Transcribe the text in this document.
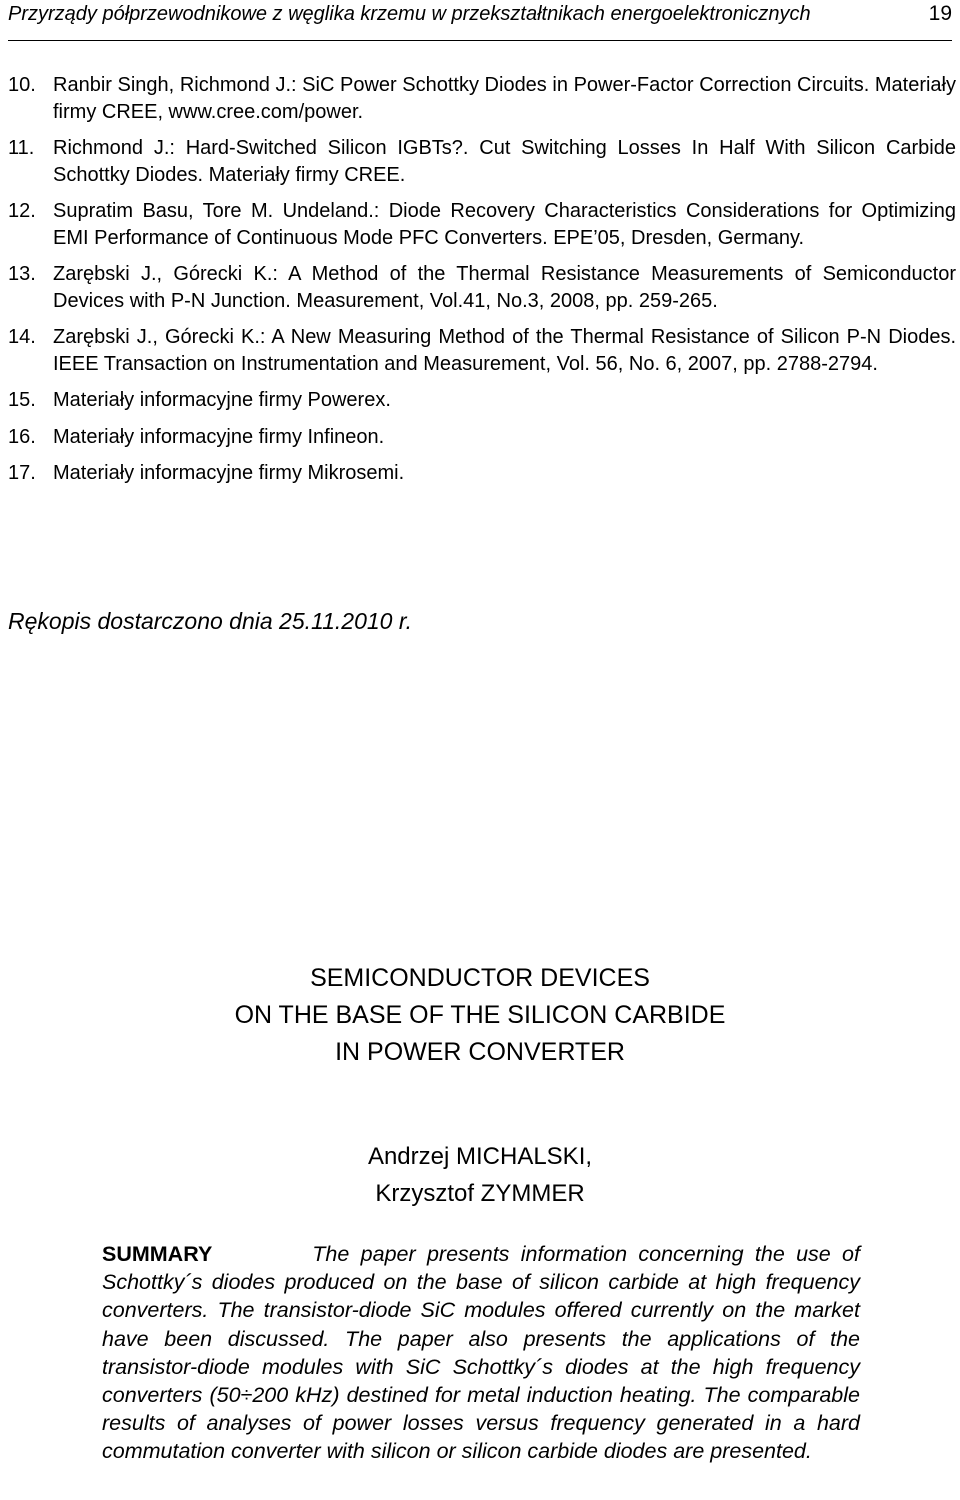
Przyrządy półprzewodnikowe z węglika krzemu w przekształtnikach energoelektronicznych	19
10. Ranbir Singh, Richmond J.: SiC Power Schottky Diodes in Power-Factor Correction Circuits. Materiały firmy CREE, www.cree.com/power.
11. Richmond J.: Hard-Switched Silicon IGBTs?. Cut Switching Losses In Half With Silicon Carbide Schottky Diodes. Materiały firmy CREE.
12. Supratim Basu, Tore M. Undeland.: Diode Recovery Characteristics Considerations for Optimizing EMI Performance of Continuous Mode PFC Converters. EPE’05, Dresden, Germany.
13. Zarębski J., Górecki K.: A Method of the Thermal Resistance Measurements of Semiconductor Devices with P-N Junction. Measurement, Vol.41, No.3, 2008, pp. 259-265.
14. Zarębski J., Górecki K.: A New Measuring Method of the Thermal Resistance of Silicon P-N Diodes. IEEE Transaction on Instrumentation and Measurement, Vol. 56, No. 6, 2007, pp. 2788-2794.
15. Materiały informacyjne firmy Powerex.
16. Materiały informacyjne firmy Infineon.
17. Materiały informacyjne firmy Mikrosemi.
Rękopis dostarczono dnia 25.11.2010 r.
SEMICONDUCTOR DEVICES
ON THE BASE OF THE SILICON CARBIDE
IN POWER CONVERTER
Andrzej MICHALSKI,
Krzysztof ZYMMER
SUMMARY	The paper presents information concerning the use of Schottky´s diodes produced on the base of silicon carbide at high frequency converters. The transistor-diode SiC modules offered currently on the market have been discussed. The paper also presents the applications of the transistor-diode modules with SiC Schottky´s diodes at the high frequency converters (50÷200 kHz) destined for metal induction heating. The comparable results of analyses of power losses versus frequency generated in a hard commutation converter with silicon or silicon carbide diodes are presented.
